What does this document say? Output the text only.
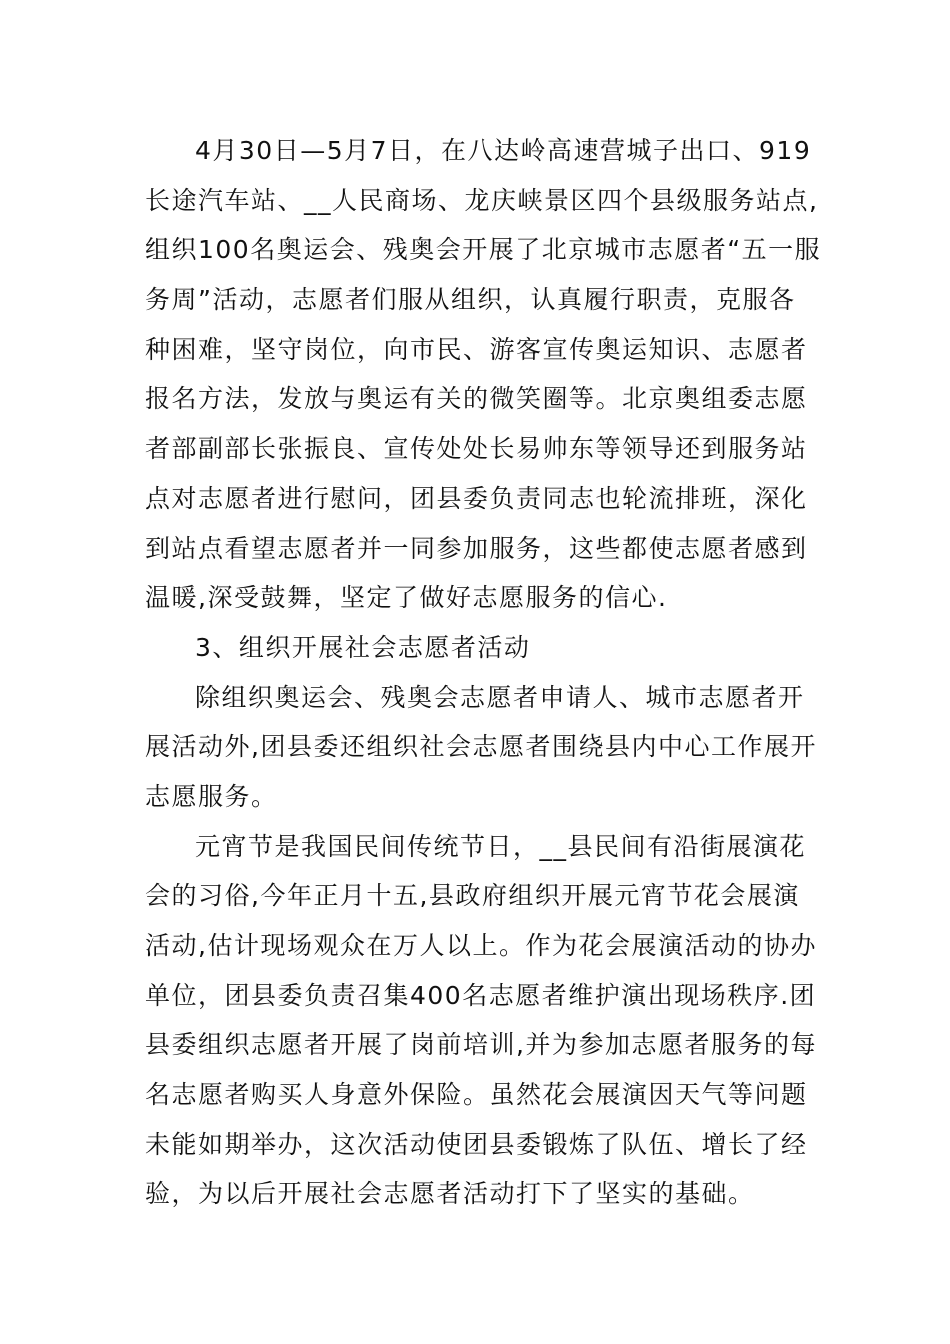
4月30日—5月7日，在八达岭高速营城子出口、919
长途汽车站、__人民商场、龙庆峡景区四个县级服务站点,
组织100名奥运会、残奥会开展了北京城市志愿者“五一服
务周”活动，志愿者们服从组织，认真履行职责，克服各
种困难，坚守岗位，向市民、游客宣传奥运知识、志愿者
报名方法，发放与奥运有关的微笑圈等。北京奥组委志愿
者部副部长张振良、宣传处处长易帅东等领导还到服务站
点对志愿者进行慰问，团县委负责同志也轮流排班，深化
到站点看望志愿者并一同参加服务，这些都使志愿者感到
温暖,深受鼓舞，坚定了做好志愿服务的信心.
3、组织开展社会志愿者活动
除组织奥运会、残奥会志愿者申请人、城市志愿者开
展活动外,团县委还组织社会志愿者围绕县内中心工作展开
志愿服务。
元宵节是我国民间传统节日，__县民间有沿街展演花
会的习俗,今年正月十五,县政府组织开展元宵节花会展演
活动,估计现场观众在万人以上。作为花会展演活动的协办
单位，团县委负责召集400名志愿者维护演出现场秩序.团
县委组织志愿者开展了岗前培训,并为参加志愿者服务的每
名志愿者购买人身意外保险。虽然花会展演因天气等问题
未能如期举办，这次活动使团县委锻炼了队伍、增长了经
验，为以后开展社会志愿者活动打下了坚实的基础。
